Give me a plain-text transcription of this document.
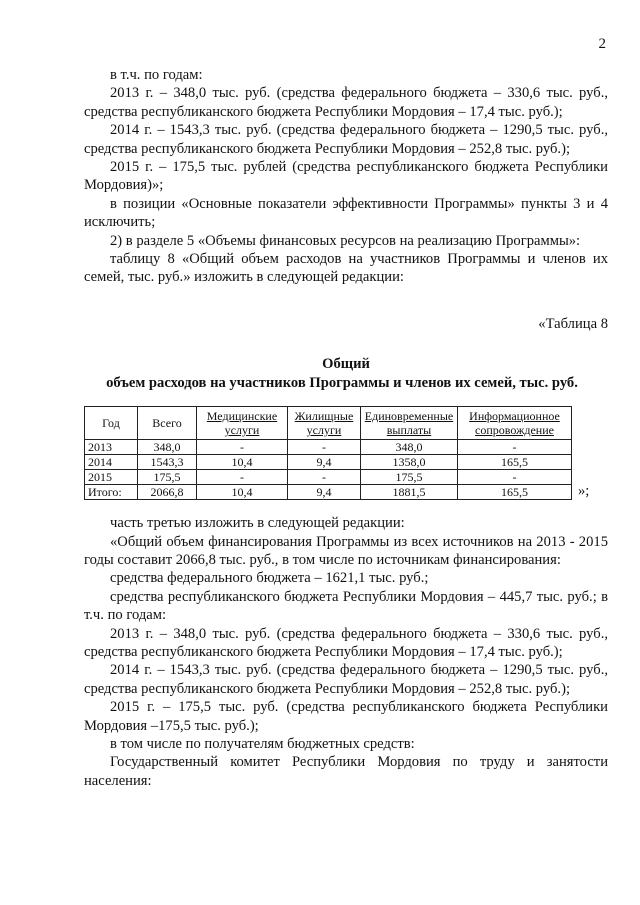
2

в т.ч. по годам:

2013 г. – 348,0 тыс. руб. (средства федерального бюджета – 330,6 тыс. руб., средства республиканского бюджета Республики Мордовия – 17,4 тыс. руб.);

2014 г. – 1543,3 тыс. руб. (средства федерального бюджета – 1290,5 тыс. руб., средства республиканского бюджета Республики Мордовия – 252,8 тыс. руб.);

2015 г. – 175,5 тыс. рублей (средства республиканского бюджета Республики Мордовия)»;

в позиции «Основные показатели эффективности Программы» пункты 3 и 4 исключить;

2) в разделе 5 «Объемы финансовых ресурсов на реализацию Программы»:

таблицу 8 «Общий объем расходов на участников Программы и членов их семей, тыс. руб.» изложить в следующей редакции:

«Таблица 8
Общий
объем расходов на участников Программы и членов их семей, тыс. руб.
Год	Всего	Медицинские услуги	Жилищные услуги	Единовременные выплаты	Информационное сопровождение
2013	348,0	-	-	348,0	-
2014	1543,3	10,4	9,4	1358,0	165,5
2015	175,5	-	-	175,5	-
Итого:	2066,8	10,4	9,4	1881,5	165,5	»;

часть третью изложить в следующей редакции:

«Общий объем финансирования Программы из всех источников на 2013 - 2015 годы составит 2066,8 тыс. руб., в том числе по источникам финансирования:

средства федерального бюджета – 1621,1 тыс. руб.;

средства республиканского бюджета Республики Мордовия – 445,7 тыс. руб.; в т.ч. по годам:

2013 г. – 348,0 тыс. руб. (средства федерального бюджета – 330,6 тыс. руб., средства республиканского бюджета Республики Мордовия – 17,4 тыс. руб.);

2014 г. – 1543,3 тыс. руб. (средства федерального бюджета – 1290,5 тыс. руб., средства республиканского бюджета Республики Мордовия – 252,8 тыс. руб.);

2015 г. – 175,5 тыс. руб. (средства республиканского бюджета Республики Мордовия –175,5 тыс. руб.);

в том числе по получателям бюджетных средств:

Государственный комитет Республики Мордовия по труду и занятости населения:
